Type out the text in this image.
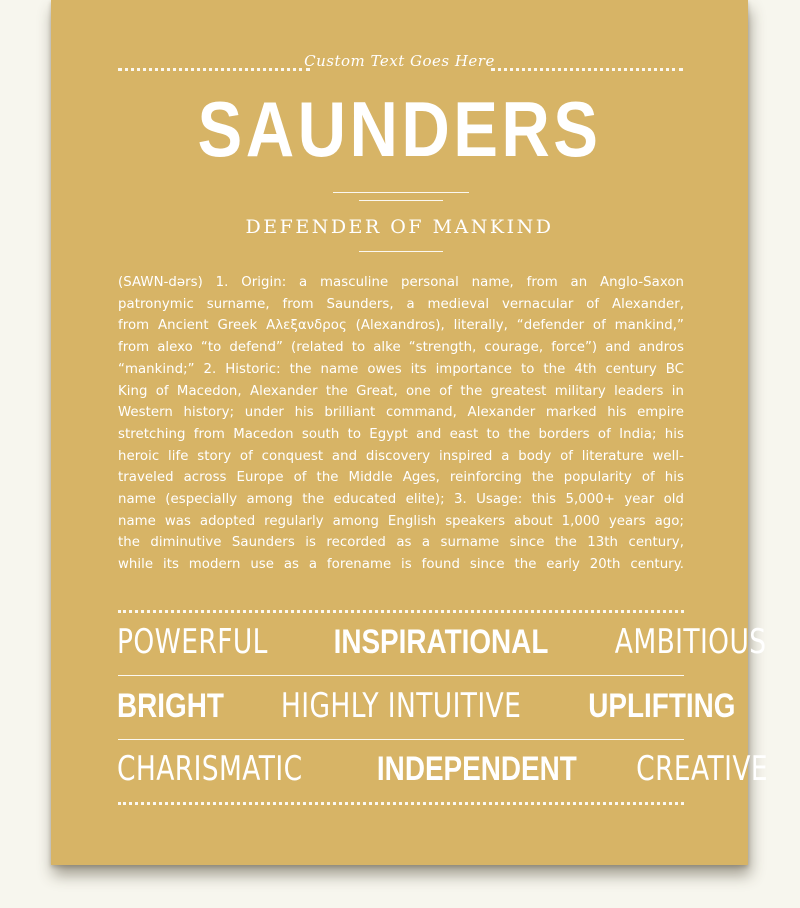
Custom Text Goes Here
SAUNDERS
DEFENDER OF MANKIND
(SAWN-dərs) 1. Origin: a masculine personal name, from an Anglo-Saxon
patronymic surname, from Saunders, a medieval vernacular of Alexander,
from Ancient Greek Αλεξανδρος (Alexandros), literally, “defender of mankind,”
from alexo “to defend” (related to alke “strength, courage, force”) and andros
“mankind;” 2. Historic: the name owes its importance to the 4th century BC
King of Macedon, Alexander the Great, one of the greatest military leaders in
Western history; under his brilliant command, Alexander marked his empire
stretching from Macedon south to Egypt and east to the borders of India; his
heroic life story of conquest and discovery inspired a body of literature well-
traveled across Europe of the Middle Ages, reinforcing the popularity of his
name (especially among the educated elite); 3. Usage: this 5,000+ year old
name was adopted regularly among English speakers about 1,000 years ago;
the diminutive Saunders is recorded as a surname since the 13th century,
while its modern use as a forename is found since the early 20th century.
POWERFUL INSPIRATIONAL AMBITIOUS
BRIGHT HIGHLY INTUITIVE UPLIFTING
CHARISMATIC INDEPENDENT CREATIVE
